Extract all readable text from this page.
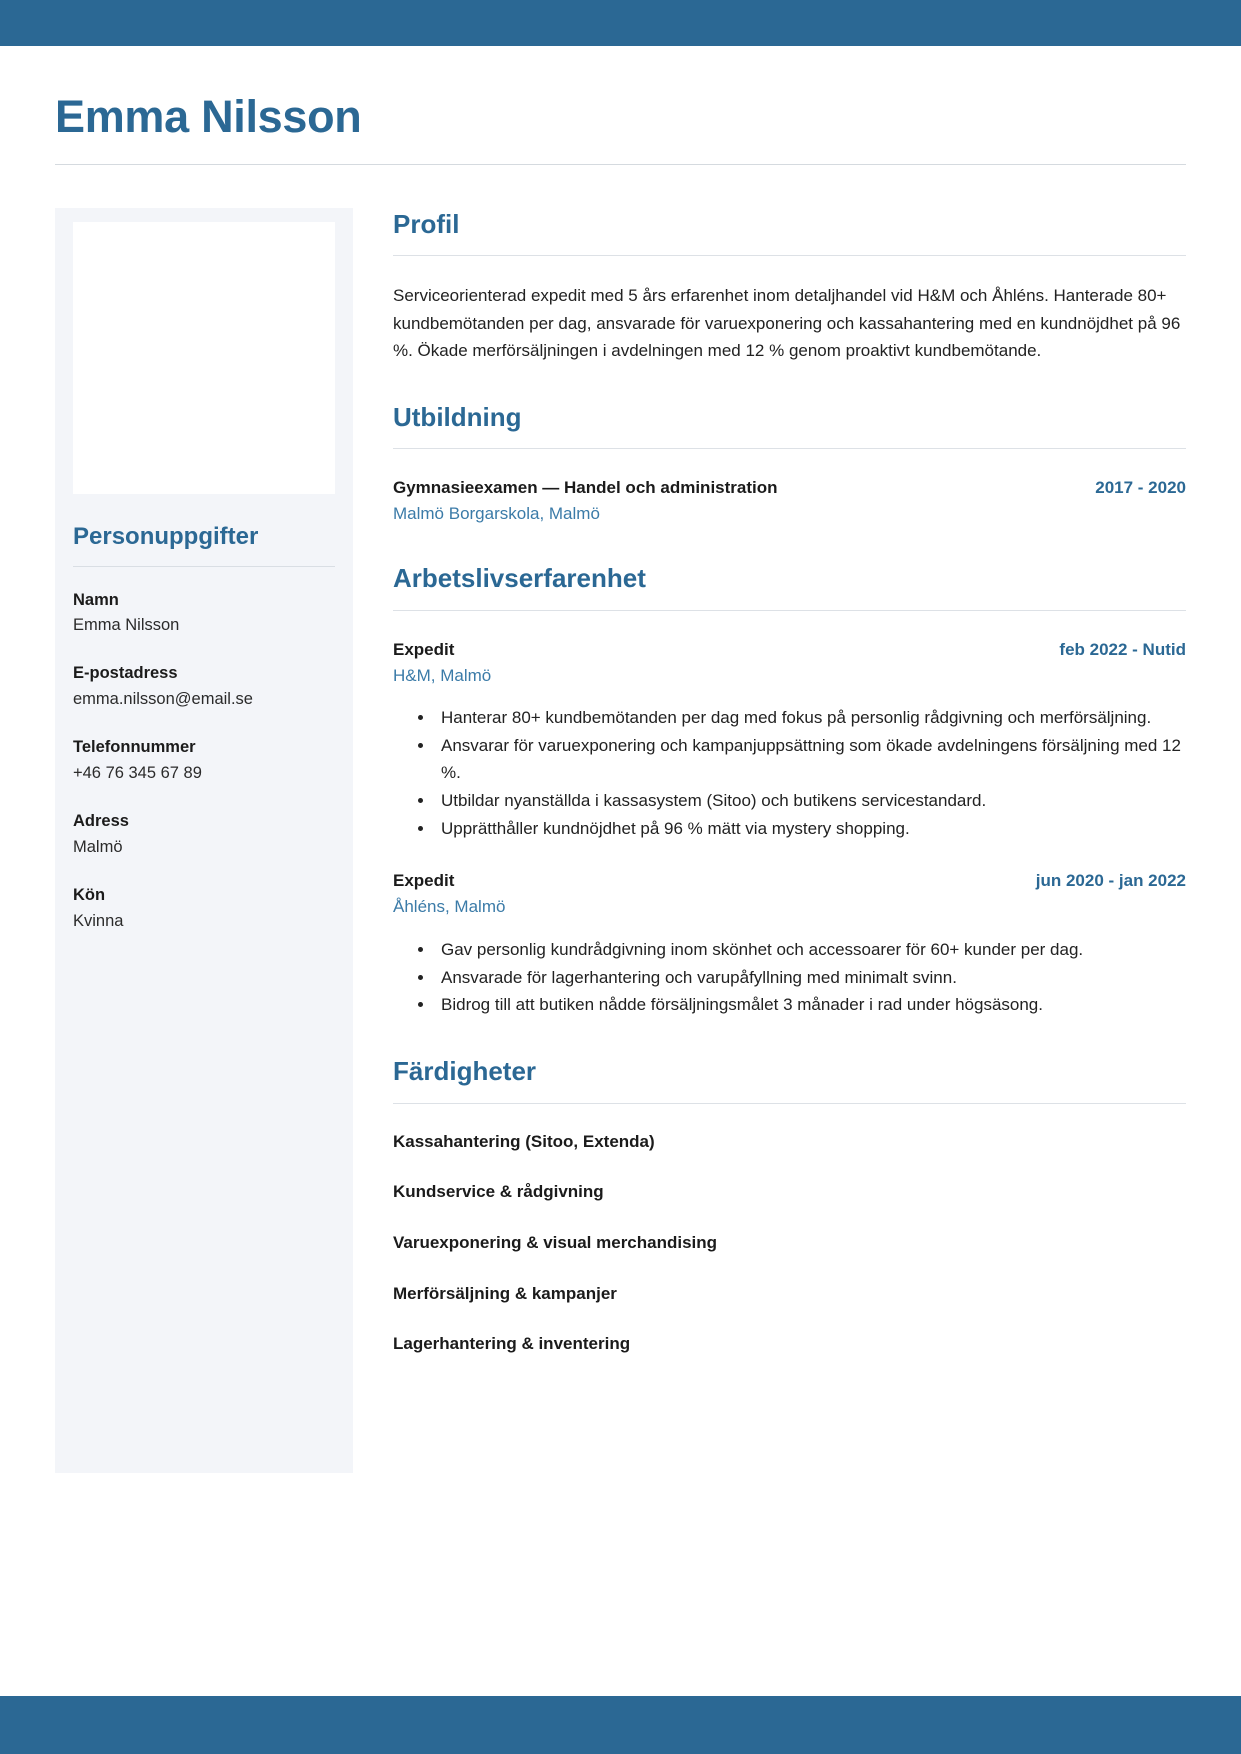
Emma Nilsson
Personuppgifter
Namn
Emma Nilsson
E-postadress
emma.nilsson@email.se
Telefonnummer
+46 76 345 67 89
Adress
Malmö
Kön
Kvinna
Profil

Serviceorienterad expedit med 5 års erfarenhet inom detaljhandel vid H&M och Åhléns. Hanterade 80+ kundbemötanden per dag, ansvarade för varuexponering och kassahantering med en kundnöjdhet på 96 %. Ökade merförsäljningen i avdelningen med 12 % genom proaktivt kundbemötande.

Utbildning
Gymnasieexamen — Handel och administration	2017 - 2020
Malmö Borgarskola, Malmö
Arbetslivserfarenhet
Expedit	feb 2022 - Nutid
H&M, Malmö
• Hanterar 80+ kundbemötanden per dag med fokus på personlig rådgivning och merförsäljning.
• Ansvarar för varuexponering och kampanjuppsättning som ökade avdelningens försäljning med 12 %.
• Utbildar nyanställda i kassasystem (Sitoo) och butikens servicestandard.
• Upprätthåller kundnöjdhet på 96 % mätt via mystery shopping.
Expedit	jun 2020 - jan 2022
Åhléns, Malmö
• Gav personlig kundrådgivning inom skönhet och accessoarer för 60+ kunder per dag.
• Ansvarade för lagerhantering och varupåfyllning med minimalt svinn.
• Bidrog till att butiken nådde försäljningsmålet 3 månader i rad under högsäsong.
Färdigheter
Kassahantering (Sitoo, Extenda)
Kundservice & rådgivning
Varuexponering & visual merchandising
Merförsäljning & kampanjer
Lagerhantering & inventering
